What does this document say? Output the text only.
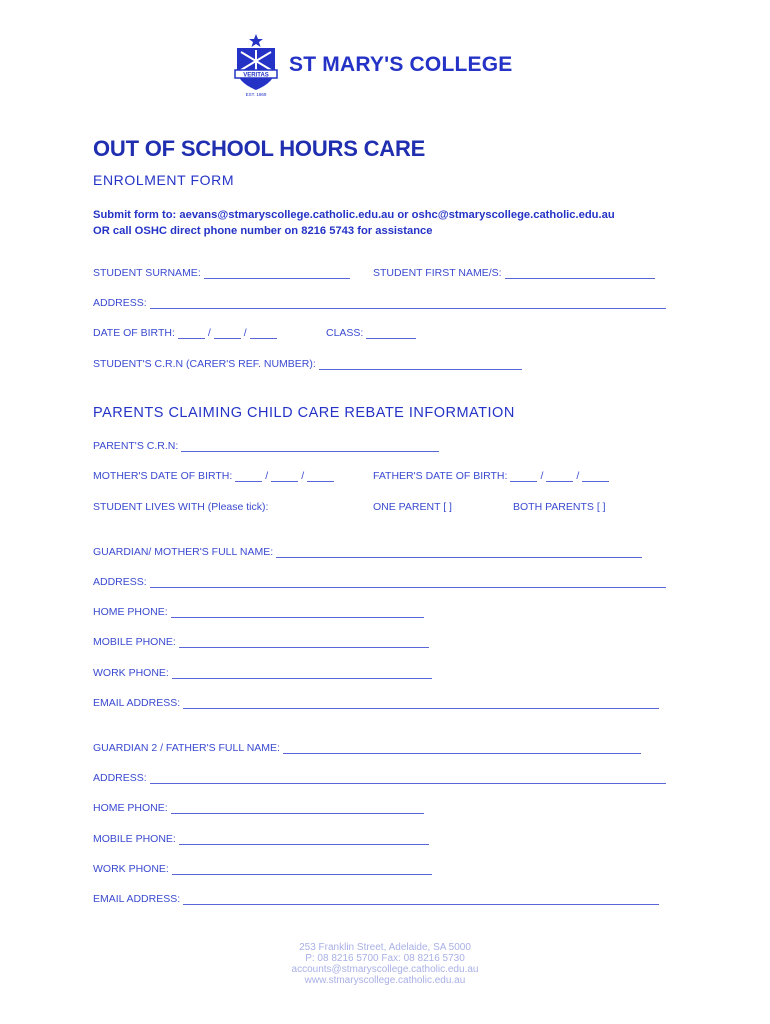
VERITAS
EST. 1869
ST MARY'S COLLEGE
OUT OF SCHOOL HOURS CARE
ENROLMENT FORM
Submit form to: aevans@stmaryscollege.catholic.edu.au or oshc@stmaryscollege.catholic.edu.au
OR call OSHC direct phone number on 8216 5743 for assistance
STUDENT SURNAME:	STUDENT FIRST NAME/S:
ADDRESS:
DATE OF BIRTH:	/	/	CLASS:
STUDENT'S C.R.N (CARER'S REF. NUMBER):
PARENTS CLAIMING CHILD CARE REBATE INFORMATION
PARENT'S C.R.N:
MOTHER'S DATE OF BIRTH:	/	/	FATHER'S DATE OF BIRTH:	/	/
STUDENT LIVES WITH (Please tick):	ONE PARENT [ ]	BOTH PARENTS [ ]
GUARDIAN/ MOTHER'S FULL NAME:
ADDRESS:
HOME PHONE:
MOBILE PHONE:
WORK PHONE:
EMAIL ADDRESS:
GUARDIAN 2 / FATHER'S FULL NAME:
ADDRESS:
HOME PHONE:
MOBILE PHONE:
WORK PHONE:
EMAIL ADDRESS:
253 Franklin Street, Adelaide, SA 5000
P: 08 8216 5700 Fax: 08 8216 5730
accounts@stmaryscollege.catholic.edu.au
www.stmaryscollege.catholic.edu.au
